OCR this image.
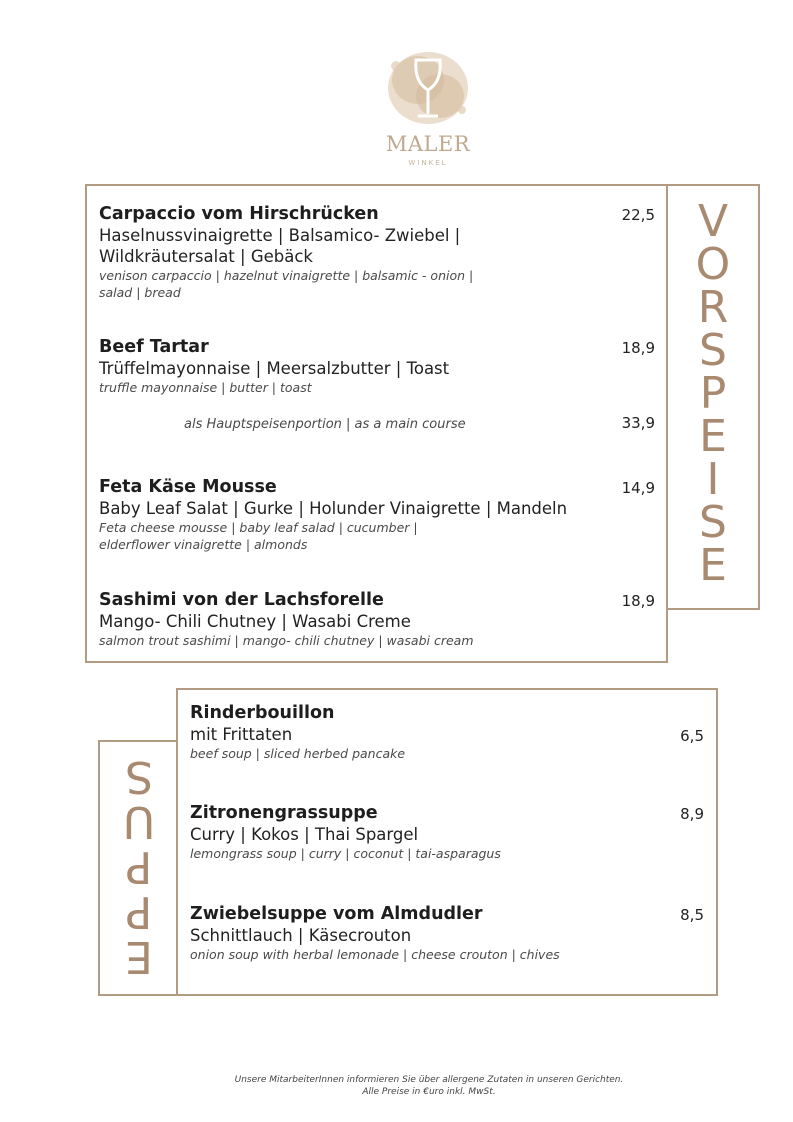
MALER
WINKEL
V
O
R
S
P
E
I
S
E
Carpaccio vom Hirschrücken
Haselnussvinaigrette | Balsamico- Zwiebel |
Wildkräutersalat | Gebäck
venison carpaccio | hazelnut vinaigrette | balsamic - onion |
salad | bread
22,5
Beef Tartar
Trüffelmayonnaise | Meersalzbutter | Toast
truffle mayonnaise | butter | toast
18,9
als Hauptspeisenportion | as a main course	33,9
Feta Käse Mousse
Baby Leaf Salat | Gurke | Holunder Vinaigrette | Mandeln
Feta cheese mousse | baby leaf salad | cucumber |
elderflower vinaigrette | almonds
14,9
Sashimi von der Lachsforelle
Mango- Chili Chutney | Wasabi Creme
salmon trout sashimi | mango- chili chutney | wasabi cream
18,9
S
U
P
P
E
Rinderbouillon
mit Frittaten
beef soup | sliced herbed pancake
6,5
Zitronengrassuppe
Curry | Kokos | Thai Spargel
lemongrass soup | curry | coconut | tai-asparagus
8,9
Zwiebelsuppe vom Almdudler
Schnittlauch | Käsecrouton
onion soup with herbal lemonade | cheese crouton | chives
8,5
Unsere MitarbeiterInnen informieren Sie über allergene Zutaten in unseren Gerichten.
Alle Preise in €uro inkl. MwSt.
